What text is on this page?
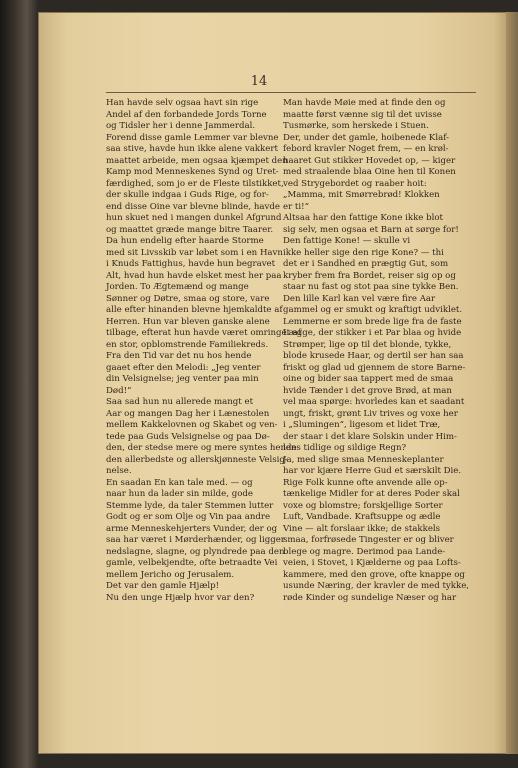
14
Han havde selv ogsaa havt sin rige
Andel af den forbandede Jords Torne
og Tidsler her i denne Jammerdal.
Forend disse gamle Lemmer var blevne
saa stive, havde hun ikke alene vakkert
maattet arbeide, men ogsaa kjæmpet den
Kamp mod Menneskenes Synd og Uret-
færdighed, som jo er de Fleste tilstikket,
der skulle indgaa i Guds Rige, og for-
end disse Oine var blevne blinde, havde
hun skuet ned i mangen dunkel Afgrund
og maattet græde mange bitre Taarer.
Da hun endelig efter haarde Storme
med sit Livsskib var løbet som i en Havn
i Knuds Fattighus, havde hun begravet
Alt, hvad hun havde elsket mest her paa
Jorden. To Ægtemænd og mange
Sønner og Døtre, smaa og store, vare
alle efter hinanden blevne hjemkaldte af
Herren. Hun var bleven ganske alene
tilbage, efterat hun havde været omringet af
en stor, opblomstrende Familiekreds.
Fra den Tid var det nu hos hende
gaaet efter den Melodi: „Jeg venter
din Velsignelse; jeg venter paa min
Død!“
Saa sad hun nu allerede mangt et
Aar og mangen Dag her i Lænestolen
mellem Kakkelovnen og Skabet og ven-
tede paa Guds Velsignelse og paa Dø-
den, der stedse mere og mere syntes hende
den allerbedste og allerskjønneste Velsig-
nelse.
En saadan En kan tale med. — og
naar hun da lader sin milde, gode
Stemme lyde, da taler Stemmen lutter
Godt og er som Olje og Vin paa andre
arme Menneskehjerters Vunder, der og
saa har været i Mørderhænder, og ligger
nedslagne, slagne, og plyndrede paa den
gamle, velbekjendte, ofte betraadte Vei
mellem Jericho og Jerusalem.
Det var den gamle Hjælp!
Nu den unge Hjælp hvor var den?
Man havde Møie med at finde den og
maatte først vænne sig til det uvisse
Tusmørke, som herskede i Stuen.
Der, under det gamle, hoibenede Klaf-
febord kravler Noget frem, — en krøl-
haaret Gut stikker Hovedet op, — kiger
med straalende blaa Oine hen til Konen
ved Strygebordet og raaber hoit:
„Mamma, mit Smørrebrød! Klokken
er ti!“
Altsaa har den fattige Kone ikke blot
sig selv, men ogsaa et Barn at sørge for!
Den fattige Kone! — skulle vi
ikke heller sige den rige Kone? — thi
det er i Sandhed en prægtig Gut, som
kryber frem fra Bordet, reiser sig op og
staar nu fast og stot paa sine tykke Ben.
Den lille Karl kan vel være fire Aar
gammel og er smukt og kraftigt udviklet.
Lemmerne er som brede lige fra de faste
Lægge, der stikker i et Par blaa og hvide
Strømper, lige op til det blonde, tykke,
blode krusede Haar, og dertil ser han saa
friskt og glad ud gjennem de store Barne-
oine og bider saa tappert med de smaa
hvide Tænder i det grove Brød, at man
vel maa spørge: hvorledes kan et saadant
ungt, friskt, grønt Liv trives og voxe her
i „Slumingen“, ligesom et lidet Træ,
der staar i det klare Solskin under Him-
lens tidlige og sildige Regn?
Ja, med slige smaa Menneskeplanter
har vor kjære Herre Gud et særskilt Die.
Rige Folk kunne ofte anvende alle op-
tænkelige Midler for at deres Poder skal
voxe og blomstre; forskjellige Sorter
Luft, Vandbade. Kraftsuppe og ædle
Vine — alt forslaar ikke; de stakkels
smaa, forfrøsede Tingester er og bliver
blege og magre. Derimod paa Lande-
veien, i Stovet, i Kjælderne og paa Lofts-
kammere, med den grove, ofte knappe og
usunde Næring, der kravler de med tykke,
røde Kinder og sundelige Næser og har
